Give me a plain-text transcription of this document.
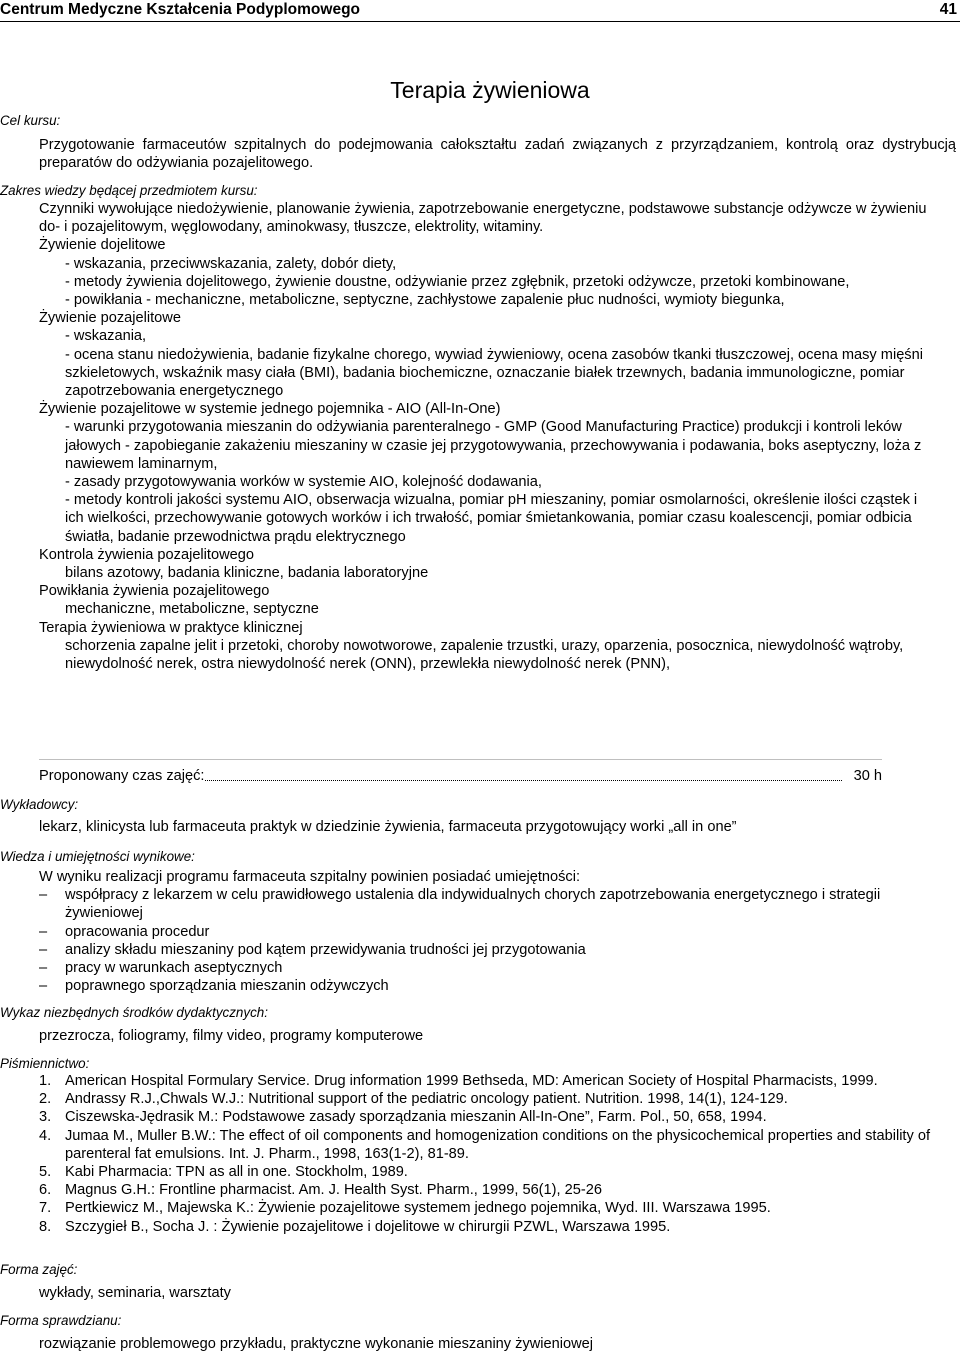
Centrum Medyczne Kształcenia Podyplomowego	41
Terapia żywieniowa
Cel kursu:
Przygotowanie farmaceutów szpitalnych do podejmowania całokształtu zadań związanych z przyrządzaniem, kontrolą oraz dystrybucją preparatów do odżywiania pozajelitowego.
Zakres wiedzy będącej przedmiotem kursu:
Czynniki wywołujące niedożywienie, planowanie żywienia, zapotrzebowanie energetyczne, podstawowe substancje odżywcze w żywieniu do- i pozajelitowym, węglowodany, aminokwasy, tłuszcze, elektrolity, witaminy.
Żywienie dojelitowe
- wskazania, przeciwwskazania, zalety, dobór diety,
- metody żywienia dojelitowego, żywienie doustne, odżywianie przez zgłębnik, przetoki odżywcze, przetoki kombinowane,
- powikłania - mechaniczne, metaboliczne, septyczne, zachłystowe zapalenie płuc nudności, wymioty biegunka,
Żywienie pozajelitowe
- wskazania,
- ocena stanu niedożywienia, badanie fizykalne chorego, wywiad żywieniowy, ocena zasobów tkanki tłuszczowej, ocena masy mięśni szkieletowych, wskaźnik masy ciała (BMI), badania biochemiczne, oznaczanie białek trzewnych, badania immunologiczne, pomiar zapotrzebowania energetycznego
Żywienie pozajelitowe w systemie jednego pojemnika - AIO (All-In-One)
- warunki przygotowania mieszanin do odżywiania parenteralnego - GMP (Good Manufacturing Practice) produkcji i kontroli leków jałowych - zapobieganie zakażeniu mieszaniny w czasie jej przygotowywania, przechowywania i podawania, boks aseptyczny, loża z nawiewem laminarnym,
- zasady przygotowywania worków w systemie AIO, kolejność dodawania,
- metody kontroli jakości systemu AIO, obserwacja wizualna, pomiar pH mieszaniny, pomiar osmolarności, określenie ilości cząstek i ich wielkości, przechowywanie gotowych worków i ich trwałość, pomiar śmietankowania, pomiar czasu koalescencji, pomiar odbicia światła, badanie przewodnictwa prądu elektrycznego
Kontrola żywienia pozajelitowego
bilans azotowy, badania kliniczne, badania laboratoryjne
Powikłania żywienia pozajelitowego
mechaniczne, metaboliczne, septyczne
Terapia żywieniowa w praktyce klinicznej
schorzenia zapalne jelit i przetoki, choroby nowotworowe, zapalenie trzustki, urazy, oparzenia, posocznica, niewydolność wątroby, niewydolność nerek, ostra niewydolność nerek (ONN), przewlekła niewydolność nerek (PNN),
Proponowany czas zajęć:	30 h
Wykładowcy:
lekarz, klinicysta lub farmaceuta praktyk w dziedzinie żywienia, farmaceuta przygotowujący worki „all in one”
Wiedza i umiejętności wynikowe:
W wyniku realizacji programu farmaceuta szpitalny powinien posiadać umiejętności:
– współpracy z lekarzem w celu prawidłowego ustalenia dla indywidualnych chorych zapotrzebowania energetycznego i strategii żywieniowej
– opracowania procedur
– analizy składu mieszaniny pod kątem przewidywania trudności jej przygotowania
– pracy w warunkach aseptycznych
– poprawnego sporządzania mieszanin odżywczych
Wykaz niezbędnych środków dydaktycznych:
przezrocza, foliogramy, filmy video, programy komputerowe
Piśmiennictwo:
1. American Hospital Formulary Service. Drug information 1999 Bethseda, MD: American Society of Hospital Pharmacists, 1999.
2. Andrassy R.J.,Chwals W.J.: Nutritional support of the pediatric oncology patient. Nutrition. 1998, 14(1), 124-129.
3. Ciszewska-Jędrasik M.: Podstawowe zasady sporządzania mieszanin All-In-One”, Farm. Pol., 50, 658, 1994.
4. Jumaa M., Muller B.W.: The effect of oil components and homogenization conditions on the physicochemical properties and stability of parenteral fat emulsions. Int. J. Pharm., 1998, 163(1-2), 81-89.
5. Kabi Pharmacia: TPN as all in one. Stockholm, 1989.
6. Magnus G.H.: Frontline pharmacist. Am. J. Health Syst. Pharm., 1999, 56(1), 25-26
7. Pertkiewicz M., Majewska K.: Żywienie pozajelitowe systemem jednego pojemnika, Wyd. III. Warszawa 1995.
8. Szczygieł B., Socha J. : Żywienie pozajelitowe i dojelitowe w chirurgii PZWL, Warszawa 1995.
Forma zajęć:
wykłady, seminaria, warsztaty
Forma sprawdzianu:
rozwiązanie problemowego przykładu, praktyczne wykonanie mieszaniny żywieniowej
